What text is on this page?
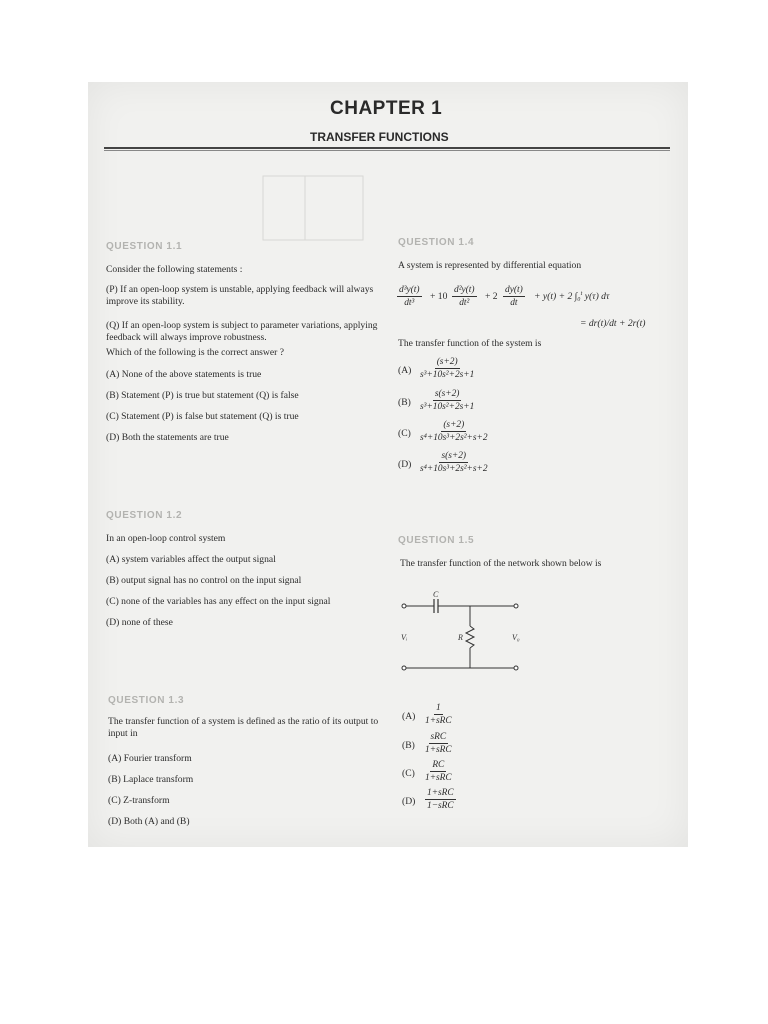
CHAPTER 1
TRANSFER FUNCTIONS
QUESTION 1.1
Consider the following statements :
(P) If an open-loop system is unstable, applying feedback will always improve its stability.
(Q) If an open-loop system is subject to parameter variations, applying feedback will always improve robustness.
Which of the following is the correct answer ?
(A) None of the above statements is true
(B) Statement (P) is true but statement (Q) is false
(C) Statement (P) is false but statement (Q) is true
(D) Both the statements are true
QUESTION 1.2
In an open-loop control system
(A) system variables affect the output signal
(B) output signal has no control on the input signal
(C) none of the variables has any effect on the input signal
(D) none of these
QUESTION 1.3
The transfer function of a system is defined as the ratio of its output to input in
(A) Fourier transform
(B) Laplace transform
(C) Z-transform
(D) Both (A) and (B)
QUESTION 1.4
A system is represented by differential equation
$\frac{\text{d³y(t)}}{\text{dt³}} + 10 \frac{\text{d²y(t)}}{\text{dt²}} + 2 \frac{dy(t)}{dt} + y(t) + 2$ ∫₀$^t$ y(τ) dτ
= dr(t)/dt + 2r(t)
The transfer function of the system is
$(A) \frac{(s+2)}{\text{s³+10s²+2s+1}}$
$(B) \frac{s(s+2)}{\text{s³+10s²+2s+1}}$
$(C) \frac{(s+2)}{\text{s⁴+10s³+2s²+s+2}}$
$(D) \frac{s(s+2)}{\text{s⁴+10s³+2s²+s+2}}$
QUESTION 1.5
The transfer function of the network shown below is
C
R
Vᵢ	V₀
(A)
1
1+sRC
(B)
sRC
1+sRC
(C)
RC
1+sRC
(D)
1+sRC
1−sRC
